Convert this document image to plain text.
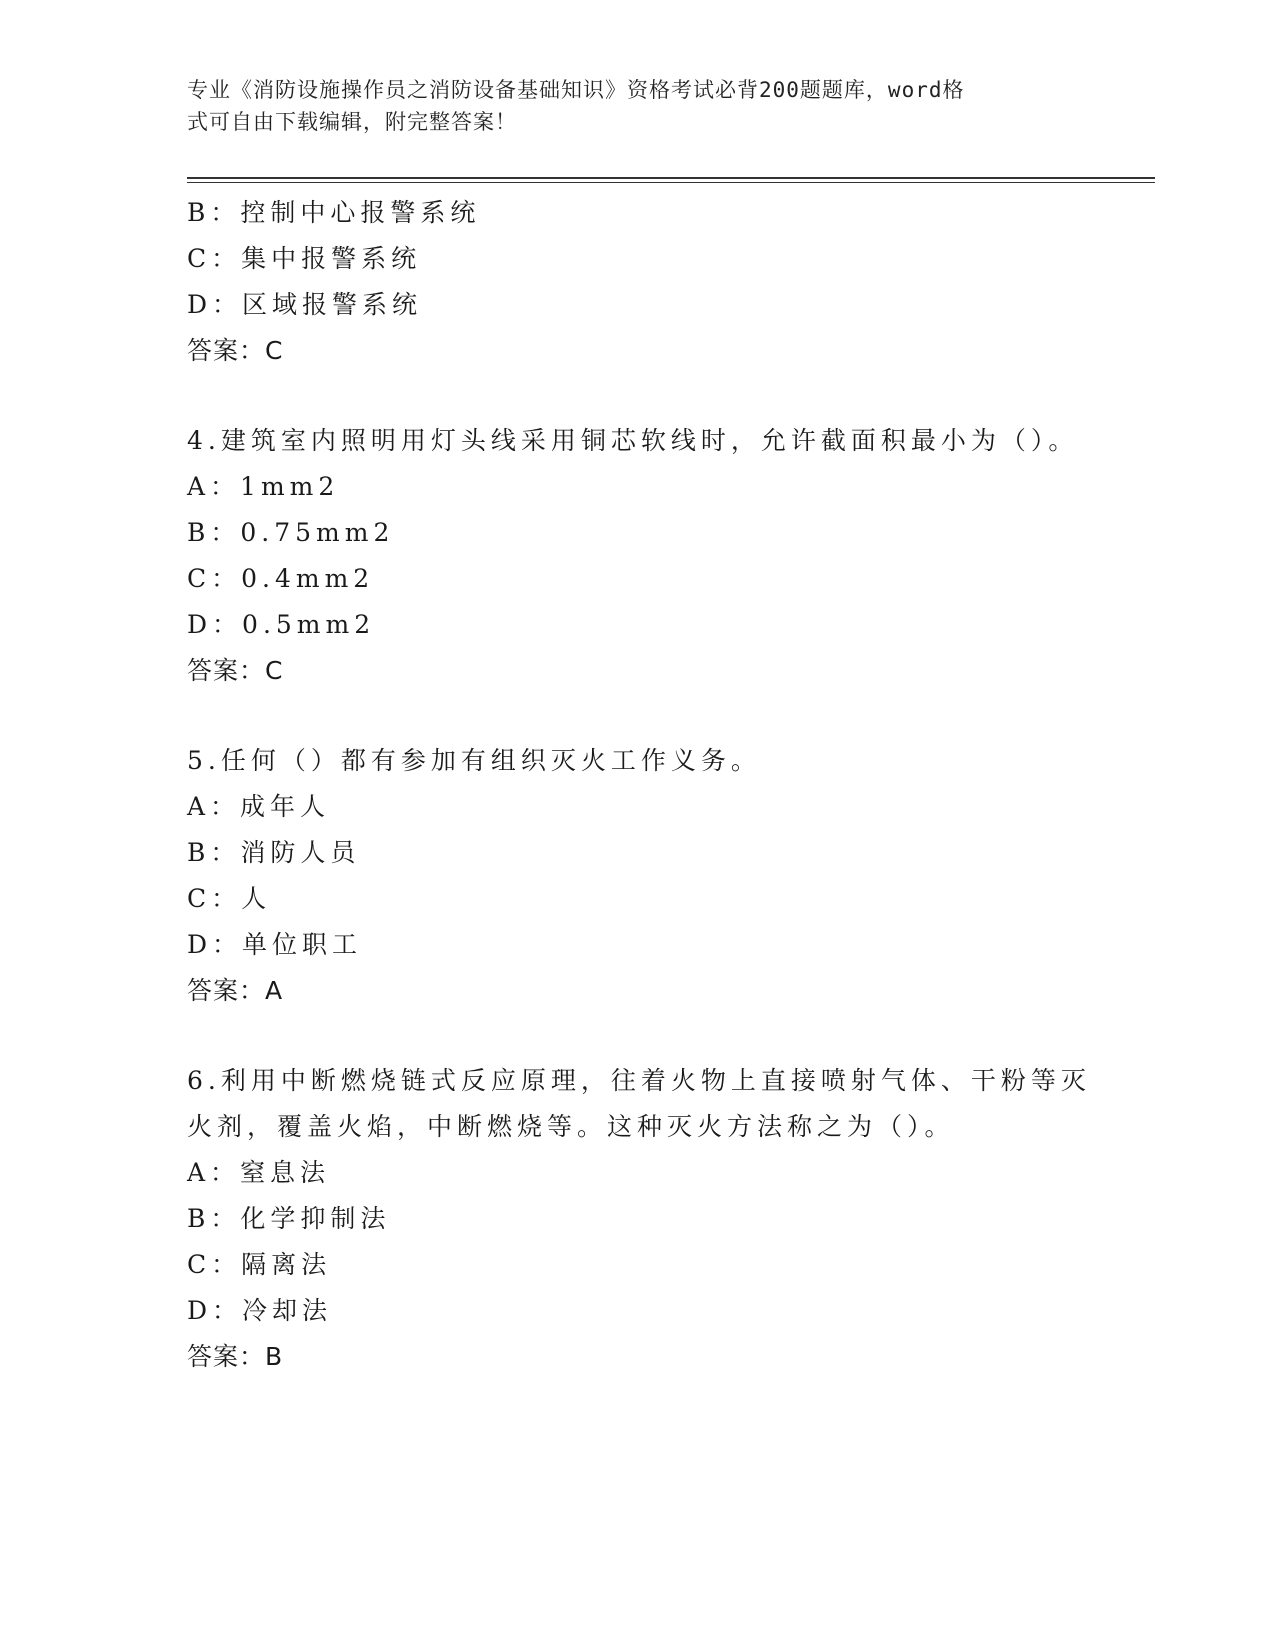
专业《消防设施操作员之消防设备基础知识》资格考试必背200题题库，word格
式可自由下载编辑，附完整答案！
B：控制中心报警系统
C：集中报警系统
D：区域报警系统
答案：C
4.建筑室内照明用灯头线采用铜芯软线时，允许截面积最小为（）。
A：1mm2
B：0.75mm2
C：0.4mm2
D：0.5mm2
答案：C
5.任何（）都有参加有组织灭火工作义务。
A：成年人
B：消防人员
C：人
D：单位职工
答案：A
6.利用中断燃烧链式反应原理，往着火物上直接喷射气体、干粉等灭
火剂，覆盖火焰，中断燃烧等。这种灭火方法称之为（）。
A：窒息法
B：化学抑制法
C：隔离法
D：冷却法
答案：B
